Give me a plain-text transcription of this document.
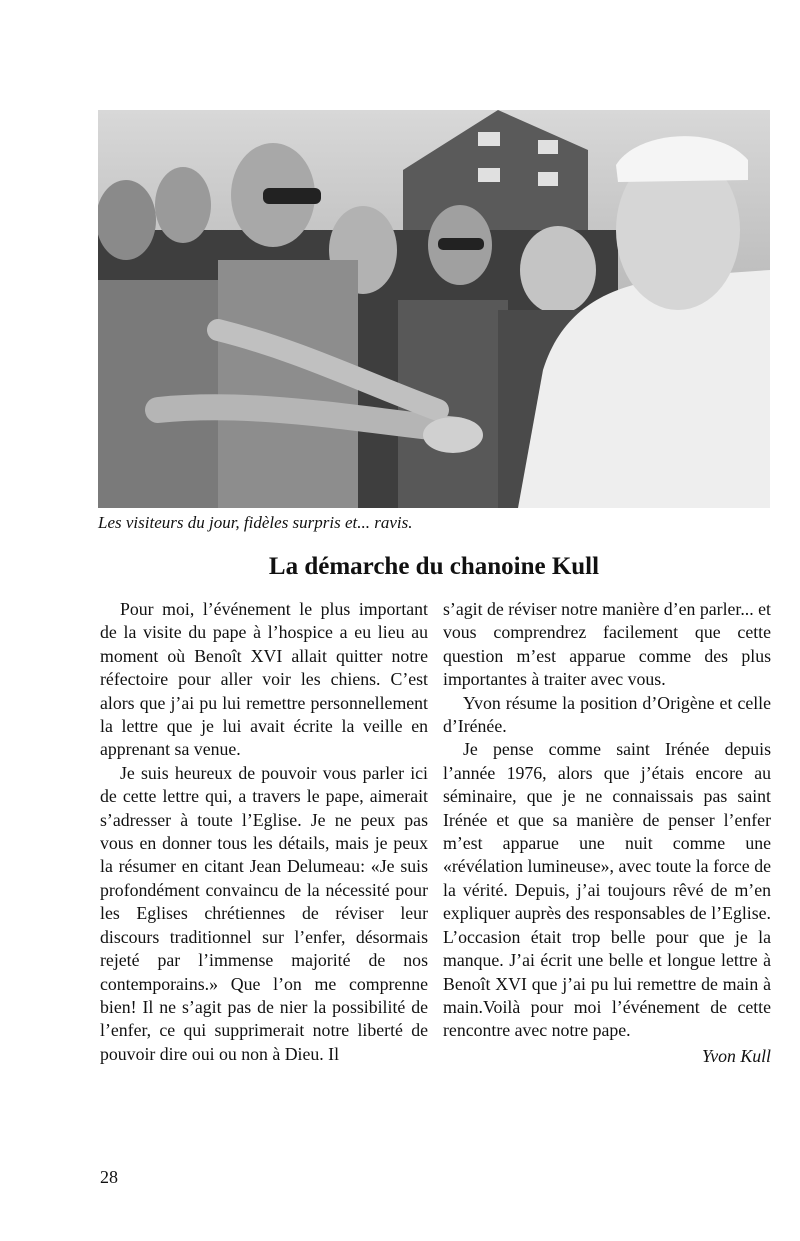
Les visiteurs du jour, fidèles surpris et... ravis.
La démarche du chanoine Kull

Pour moi, l’événement le plus important de la visite du pape à l’hospice a eu lieu au moment où Benoît XVI allait quitter notre réfectoire pour aller voir les chiens. C’est alors que j’ai pu lui remettre personnellement la lettre que je lui avait écrite la veille en apprenant sa venue.

Je suis heureux de pouvoir vous parler ici de cette lettre qui, a travers le pape, aimerait s’adresser à toute l’Eglise. Je ne peux pas vous en donner tous les détails, mais je peux la résumer en citant Jean Delumeau: «Je suis profondément convaincu de la nécessité pour les Eglises chrétiennes de réviser leur discours traditionnel sur l’enfer, désormais rejeté par l’immense majorité de nos contemporains.» Que l’on me comprenne bien! Il ne s’agit pas de nier la possibilité de l’enfer, ce qui supprimerait notre liberté de pouvoir dire oui ou non à Dieu. Il

s’agit de réviser notre manière d’en parler... et vous comprendrez facilement que cette question m’est apparue comme des plus importantes à traiter avec vous.

Yvon résume la position d’Origène et celle d’Irénée.

Je pense comme saint Irénée depuis l’année 1976, alors que j’étais encore au séminaire, que je ne connaissais pas saint Irénée et que sa manière de penser l’enfer m’est apparue une nuit comme une «révélation lumineuse», avec toute la force de la vérité. Depuis, j’ai toujours rêvé de m’en expliquer auprès des responsables de l’Eglise. L’occasion était trop belle pour que je la manque. J’ai écrit une belle et longue lettre à Benoît XVI que j’ai pu lui remettre de main à main.Voilà pour moi l’événement de cette rencontre avec notre pape.

Yvon Kull
28
